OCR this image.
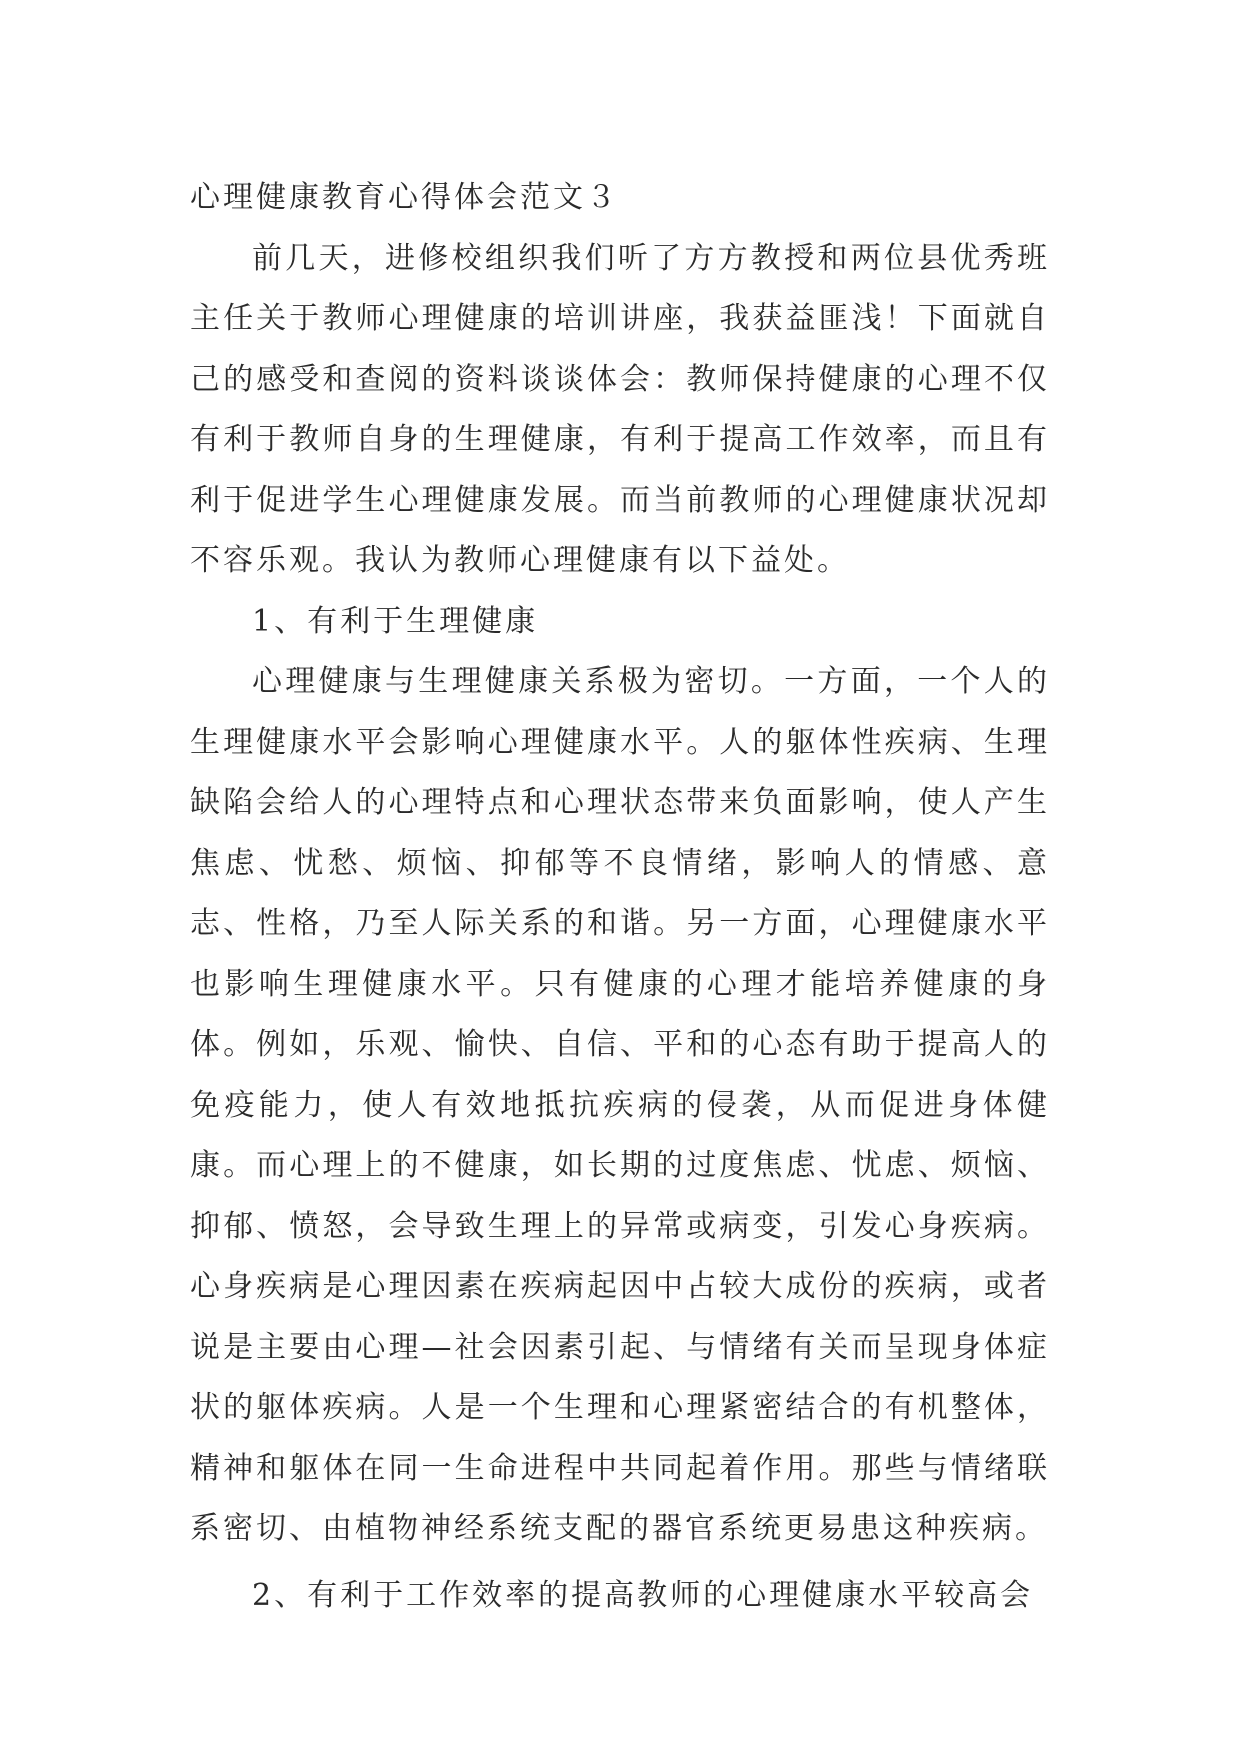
心理健康教育心得体会范文３

前几天，进修校组织我们听了方方教授和两位县优秀班主任关于教师心理健康的培训讲座，我获益匪浅！下面就自己的感受和查阅的资料谈谈体会：教师保持健康的心理不仅有利于教师自身的生理健康，有利于提高工作效率，而且有利于促进学生心理健康发展。而当前教师的心理健康状况却不容乐观。我认为教师心理健康有以下益处。

1、有利于生理健康

心理健康与生理健康关系极为密切。一方面，一个人的生理健康水平会影响心理健康水平。人的躯体性疾病、生理缺陷会给人的心理特点和心理状态带来负面影响，使人产生焦虑、忧愁、烦恼、抑郁等不良情绪，影响人的情感、意志、性格，乃至人际关系的和谐。另一方面，心理健康水平也影响生理健康水平。只有健康的心理才能培养健康的身体。例如，乐观、愉快、自信、平和的心态有助于提高人的免疫能力，使人有效地抵抗疾病的侵袭，从而促进身体健康。而心理上的不健康，如长期的过度焦虑、忧虑、烦恼、抑郁、愤怒，会导致生理上的异常或病变，引发心身疾病。心身疾病是心理因素在疾病起因中占较大成份的疾病，或者说是主要由心理—社会因素引起、与情绪有关而呈现身体症状的躯体疾病。人是一个生理和心理紧密结合的有机整体，精神和躯体在同一生命进程中共同起着作用。那些与情绪联系密切、由植物神经系统支配的器官系统更易患这种疾病。

2、有利于工作效率的提高教师的心理健康水平较高会
